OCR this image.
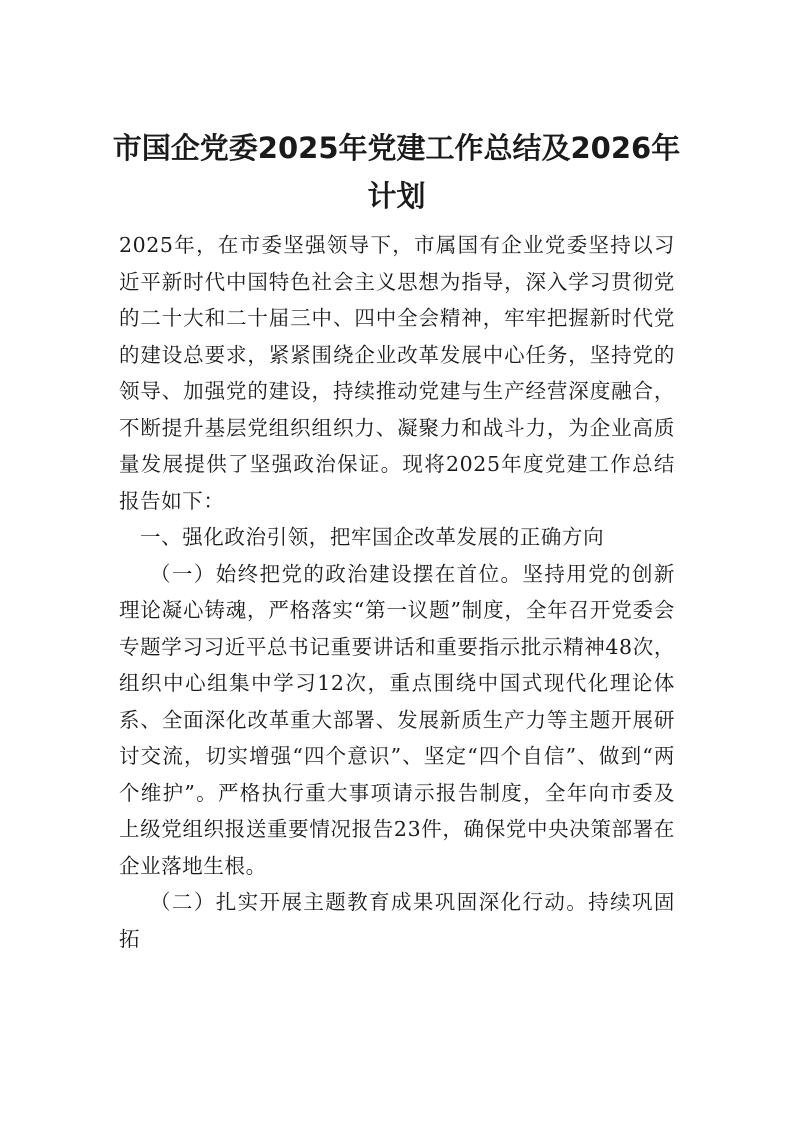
市国企党委2025年党建工作总结及2026年
计划

2025年，在市委坚强领导下，市属国有企业党委坚持以习近平新时代中国特色社会主义思想为指导，深入学习贯彻党的二十大和二十届三中、四中全会精神，牢牢把握新时代党的建设总要求，紧紧围绕企业改革发展中心任务，坚持党的领导、加强党的建设，持续推动党建与生产经营深度融合，不断提升基层党组织组织力、凝聚力和战斗力，为企业高质量发展提供了坚强政治保证。现将2025年度党建工作总结报告如下：

一、强化政治引领，把牢国企改革发展的正确方向

（一）始终把党的政治建设摆在首位。坚持用党的创新理论凝心铸魂，严格落实“第一议题”制度，全年召开党委会专题学习习近平总书记重要讲话和重要指示批示精神48次，组织中心组集中学习12次，重点围绕中国式现代化理论体系、全面深化改革重大部署、发展新质生产力等主题开展研讨交流，切实增强“四个意识”、坚定“四个自信”、做到“两个维护”。严格执行重大事项请示报告制度，全年向市委及上级党组织报送重要情况报告23件，确保党中央决策部署在企业落地生根。

（二）扎实开展主题教育成果巩固深化行动。持续巩固拓
